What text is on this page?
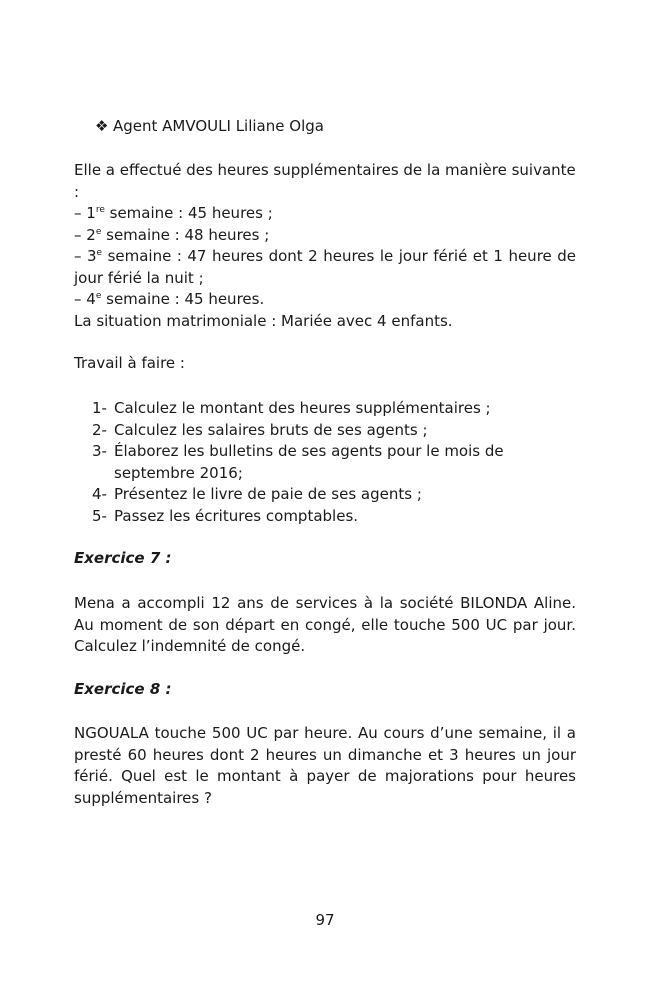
❖ Agent AMVOULI Liliane Olga

Elle a effectué des heures supplémentaires de la manière suivante :

– 1re semaine : 45 heures ;
– 2e semaine : 48 heures ;
– 3e semaine : 47 heures dont 2 heures le jour férié et 1 heure de jour férié la nuit ;
– 4e semaine : 45 heures.
La situation matrimoniale : Mariée avec 4 enfants.

Travail à faire :

1- Calculez le montant des heures supplémentaires ;
2- Calculez les salaires bruts de ses agents ;
3- Élaborez les bulletins de ses agents pour le mois de septembre 2016;
4- Présentez le livre de paie de ses agents ;
5- Passez les écritures comptables.

Exercice 7 :

Mena a accompli 12 ans de services à la société BILONDA Aline. Au moment de son départ en congé, elle touche 500 UC par jour. Calculez l’indemnité de congé.

Exercice 8 :

NGOUALA touche 500 UC par heure. Au cours d’une semaine, il a presté 60 heures dont 2 heures un dimanche et 3 heures un jour férié. Quel est le montant à payer de majorations pour heures supplémentaires ?

97
